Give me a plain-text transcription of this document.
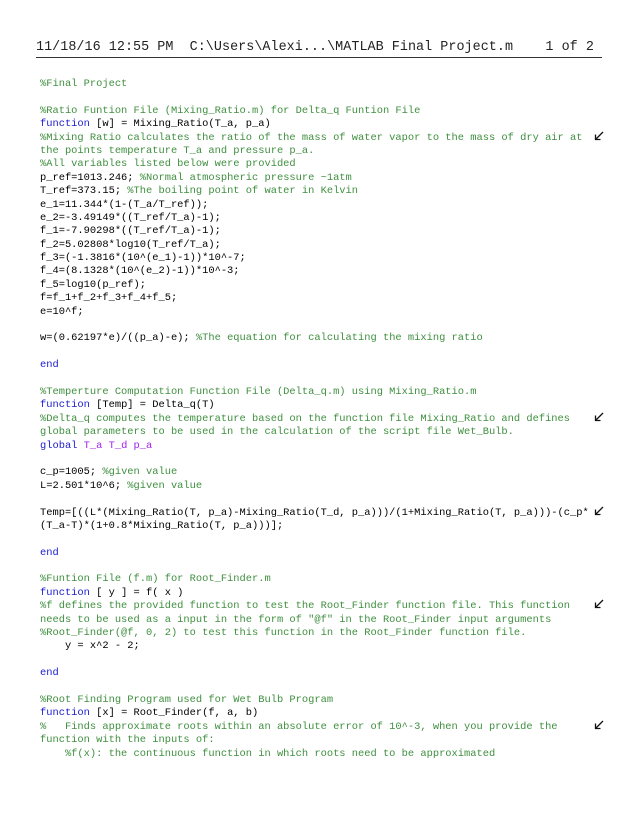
11/18/16 12:55 PM C:\Users\Alexi...\MATLAB Final Project.m 1 of 2
%Final Project
%Ratio Funtion File (Mixing_Ratio.m) for Delta_q Funtion File
function [w] = Mixing_Ratio(T_a, p_a)
%Mixing Ratio calculates the ratio of the mass of water vapor to the mass of dry air at
the points temperature T_a and pressure p_a.
%All variables listed below were provided
p_ref=1013.246; %Normal atmospheric pressure ~1atm
T_ref=373.15; %The boiling point of water in Kelvin
e_1=11.344*(1-(T_a/T_ref));
e_2=-3.49149*((T_ref/T_a)-1);
f_1=-7.90298*((T_ref/T_a)-1);
f_2=5.02808*log10(T_ref/T_a);
f_3=(-1.3816*(10^(e_1)-1))*10^-7;
f_4=(8.1328*(10^(e_2)-1))*10^-3;
f_5=log10(p_ref);
f=f_1+f_2+f_3+f_4+f_5;
e=10^f;
w=(0.62197*e)/((p_a)-e); %The equation for calculating the mixing ratio
end
%Temperture Computation Function File (Delta_q.m) using Mixing_Ratio.m
function [Temp] = Delta_q(T)
%Delta_q computes the temperature based on the function file Mixing_Ratio and defines
global parameters to be used in the calculation of the script file Wet_Bulb.
global T_a T_d p_a
c_p=1005; %given value
L=2.501*10^6; %given value
Temp=[((L*(Mixing_Ratio(T, p_a)-Mixing_Ratio(T_d, p_a)))/(1+Mixing_Ratio(T, p_a)))-(c_p*
(T_a-T)*(1+0.8*Mixing_Ratio(T, p_a)))];
end
%Funtion File (f.m) for Root_Finder.m
function [ y ] = f( x )
%f defines the provided function to test the Root_Finder function file. This function
needs to be used as a input in the form of "@f" in the Root_Finder input arguments
%Root_Finder(@f, 0, 2) to test this function in the Root_Finder function file.
y = x^2 - 2;
end
%Root Finding Program used for Wet Bulb Program
function [x] = Root_Finder(f, a, b)
%   Finds approximate roots within an absolute error of 10^-3, when you provide the
function with the inputs of:
%f(x): the continuous function in which roots need to be approximated
